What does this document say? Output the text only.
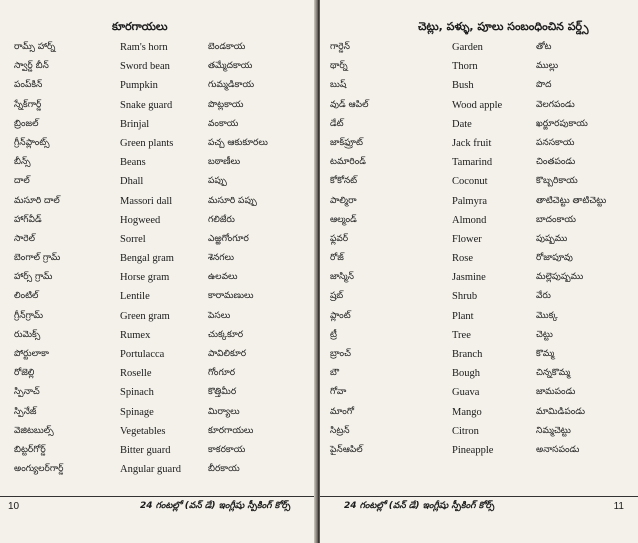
కూరగాయలు
రామ్స్ హార్న్	Ram's horn	బెండకాయ
స్వార్డ్ బీన్	Sword bean	తమ్మేదకాయ
పంప్‌కిన్	Pumpkin	గుమ్మడికాయ
స్నేక్‌గార్డ్	Snake guard	పొట్లకాయ
బ్రింజల్	Brinjal	వంకాయ
గ్రీన్‌ప్లాంట్స్	Green plants	పచ్చ ఆకుకూరలు
బీన్స్	Beans	బఠాణీలు
దాల్	Dhall	పప్పు
మసూరి దాల్	Massori dall	మసూరి పప్పు
హాగ్‌వీడ్	Hogweed	గలిజేరు
సారెల్	Sorrel	ఎఱ్ఱగోంగూర
బెంగాల్ గ్రామ్	Bengal gram	శెనగలు
హార్స్ గ్రామ్	Horse gram	ఉలవలు
లింటిల్	Lentile	కారామణులు
గ్రీన్‌గ్రామ్	Green gram	పెసలు
రుమెక్స్	Rumex	చుక్కకూర
పోర్టులాకా	Portulacca	పావిలికూర
రోజెల్లి	Roselle	గోంగూర
స్పినాచ్	Spinach	కొత్తిమీర
స్పినేజ్	Spinage	మిర్యాలు
వెజిటబుల్స్	Vegetables	కూరగాయలు
బిట్టర్‌గోర్డ్	Bitter guard	కాకరకాయ
అంగ్యులర్‌గార్డ్	Angular guard	బీరకాయ
10	24 గంటల్లో (వన్ డే) ఇంగ్లీషు స్పీకింగ్ కోర్స్
చెట్లు, పళ్ళు, పూలు సంబంధించిన పర్డ్స్
గార్డెన్	Garden	తోట
థార్న్	Thorn	ముల్లు
బుష్	Bush	పొద
వుడ్ ఆపిల్	Wood apple	వెలగపండు
డేట్	Date	ఖర్జూరపుకాయ
జాక్‌ఫ్రూట్	Jack fruit	పనసకాయ
టమారిండ్	Tamarind	చింతపండు
కోకోనట్	Coconut	కొబ్బరికాయ
పాల్మిరా	Palmyra	తాటిచెట్టు తాటిచెట్టు
ఆల్మండ్	Almond	బాదంకాయ
ఫ్లవర్	Flower	పుష్పము
రోజ్	Rose	రోజాపూవు
జాస్మిన్	Jasmine	మల్లెపుష్పము
ష్రబ్	Shrub	వేరు
ప్లాంట్	Plant	మొక్క
ట్రీ	Tree	చెట్టు
బ్రాంచ్	Branch	కొమ్మ
బౌ	Bough	చిన్నకొమ్మ
గోవా	Guava	జామపండు
మాంగో	Mango	మామిడిపండు
సిట్రన్	Citron	నిమ్మచెట్టు
పైన్‌ఆపిల్	Pineapple	అనాసపండు
24 గంటల్లో (వన్ డే) ఇంగ్లీషు స్పీకింగ్ కోర్స్	11
